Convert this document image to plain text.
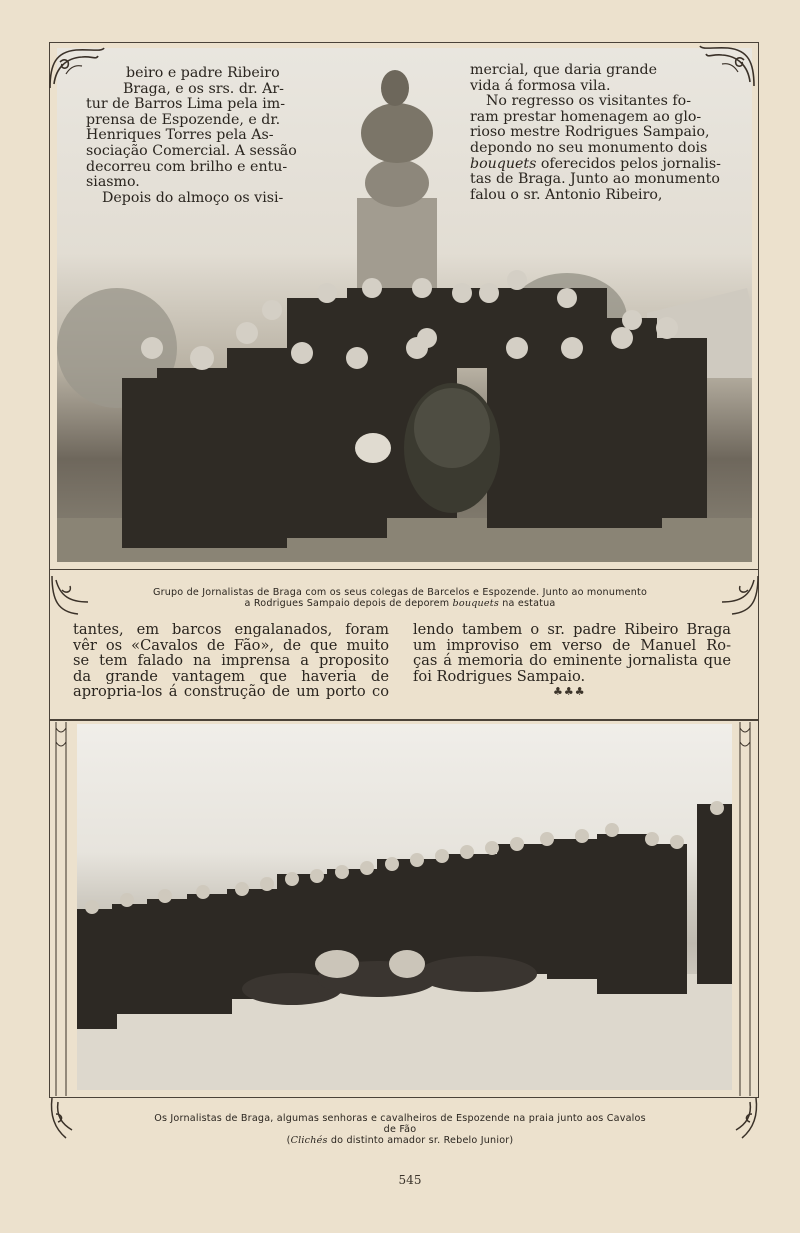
beiro e padre Ribeiro

Braga, e os srs. dr. Ar-

tur de Barros Lima pela im-

prensa de Espozende, e dr.

Henriques Torres pela As-

sociação Comercial. A sessão

decorreu com brilho e entu-

siasmo.

Depois do almoço os visi-

mercial, que daria grande

vida á formosa vila.

No regresso os visitantes fo-

ram prestar homenagem ao glo-

rioso mestre Rodrigues Sampaio,

depondo no seu monumento dois

bouquets oferecidos pelos jornalis-

tas de Braga. Junto ao monumento

falou o sr. Antonio Ribeiro,

Grupo de Jornalistas de Braga com os seus colegas de Barcelos e Espozende. Junto ao monumento
a Rodrigues Sampaio depois de deporem bouquets na estatua

tantes, em barcos engalanados, foram

vêr os «Cavalos de Fão», de que muito

se tem falado na imprensa a proposito

da grande vantagem que haveria de

apropria-los á construção de um porto co

lendo tambem o sr. padre Ribeiro Braga

um improviso em verso de Manuel Ro-

ças á memoria do eminente jornalista que

foi Rodrigues Sampaio.

♣♣♣
Os Jornalistas de Braga, algumas senhoras e cavalheiros de Espozende na praia junto aos Cavalos
de Fão
(Clichés do distinto amador sr. Rebelo Junior)
545
